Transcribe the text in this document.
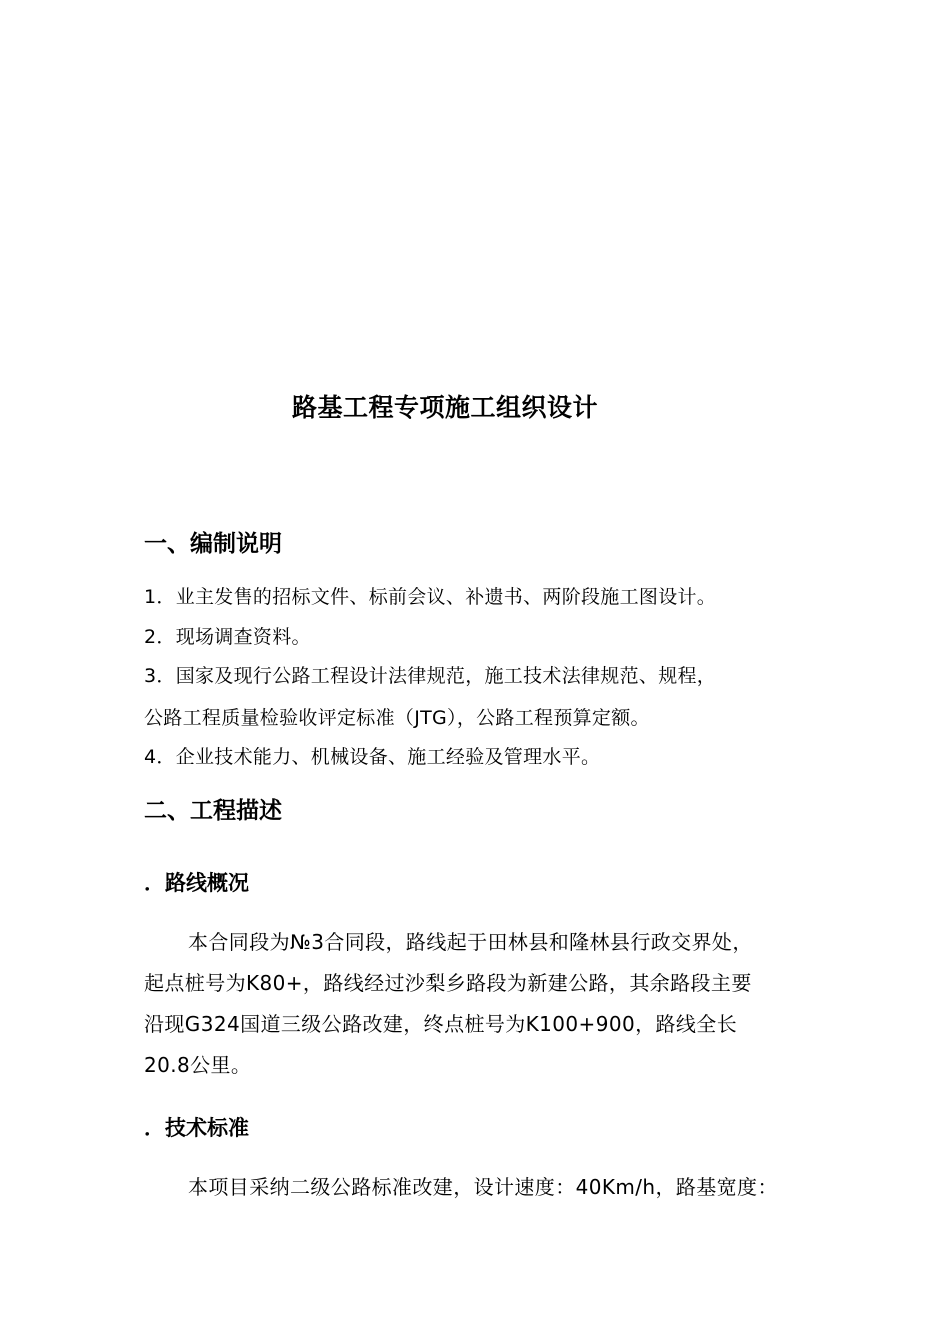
路基工程专项施工组织设计
一、编制说明
1．业主发售的招标文件、标前会议、补遗书、两阶段施工图设计。
2．现场调查资料。
3．国家及现行公路工程设计法律规范，施工技术法律规范、规程，
公路工程质量检验收评定标准（JTG），公路工程预算定额。
4．企业技术能力、机械设备、施工经验及管理水平。
二、工程描述
．路线概况
本合同段为№3合同段，路线起于田林县和隆林县行政交界处，
起点桩号为K80+，路线经过沙梨乡路段为新建公路，其余路段主要
沿现G324国道三级公路改建，终点桩号为K100+900，路线全长
20.8公里。
．技术标准
本项目采纳二级公路标准改建，设计速度：40Km/h，路基宽度：
